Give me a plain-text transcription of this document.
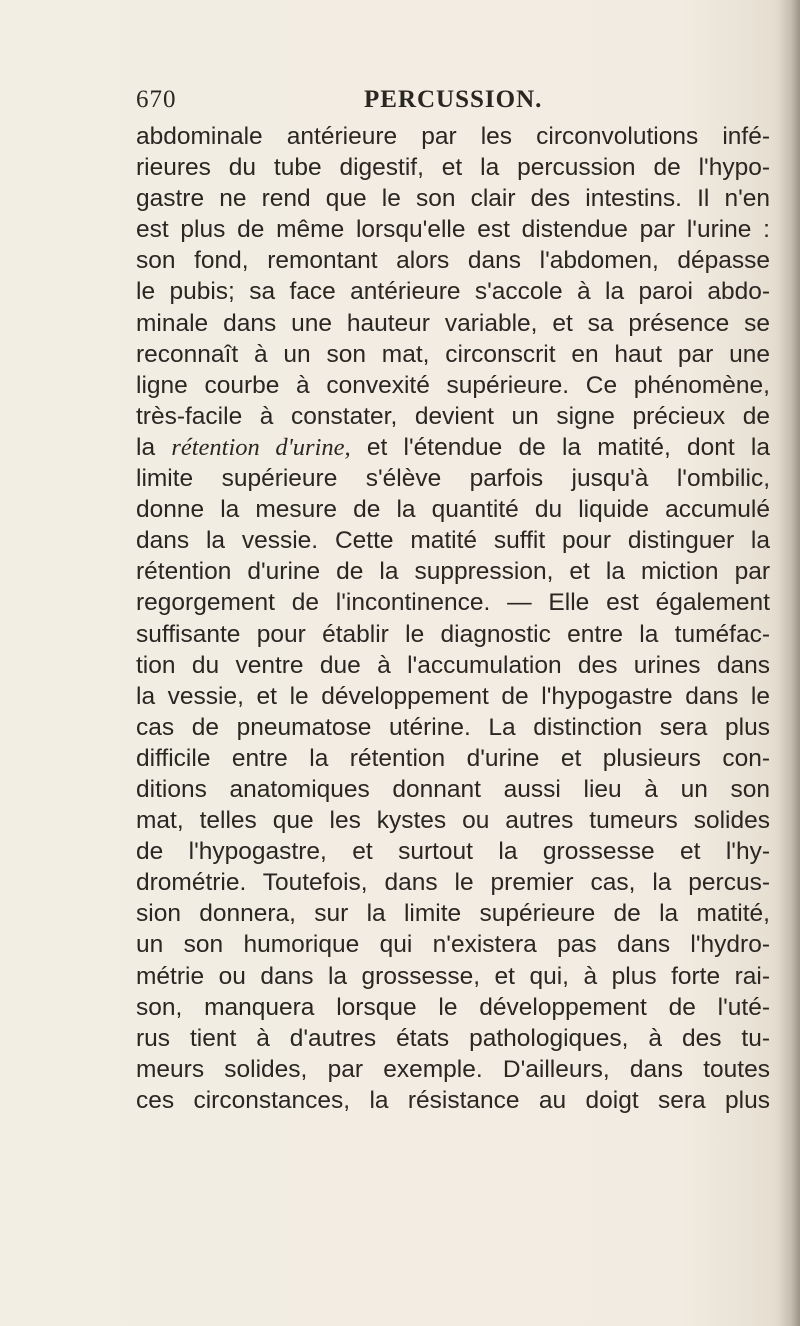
670	PERCUSSION.
abdominale antérieure par les circonvolutions infé-
rieures du tube digestif, et la percussion de l'hypo-
gastre ne rend que le son clair des intestins. Il n'en
est plus de même lorsqu'elle est distendue par l'urine :
son fond, remontant alors dans l'abdomen, dépasse
le pubis; sa face antérieure s'accole à la paroi abdo-
minale dans une hauteur variable, et sa présence se
reconnaît à un son mat, circonscrit en haut par une
ligne courbe à convexité supérieure. Ce phénomène,
très-facile à constater, devient un signe précieux de
la rétention d'urine, et l'étendue de la matité, dont la
limite supérieure s'élève parfois jusqu'à l'ombilic,
donne la mesure de la quantité du liquide accumulé
dans la vessie. Cette matité suffit pour distinguer la
rétention d'urine de la suppression, et la miction par
regorgement de l'incontinence. — Elle est également
suffisante pour établir le diagnostic entre la tuméfac-
tion du ventre due à l'accumulation des urines dans
la vessie, et le développement de l'hypogastre dans le
cas de pneumatose utérine. La distinction sera plus
difficile entre la rétention d'urine et plusieurs con-
ditions anatomiques donnant aussi lieu à un son
mat, telles que les kystes ou autres tumeurs solides
de l'hypogastre, et surtout la grossesse et l'hy-
drométrie. Toutefois, dans le premier cas, la percus-
sion donnera, sur la limite supérieure de la matité,
un son humorique qui n'existera pas dans l'hydro-
métrie ou dans la grossesse, et qui, à plus forte rai-
son, manquera lorsque le développement de l'uté-
rus tient à d'autres états pathologiques, à des tu-
meurs solides, par exemple. D'ailleurs, dans toutes
ces circonstances, la résistance au doigt sera plus
